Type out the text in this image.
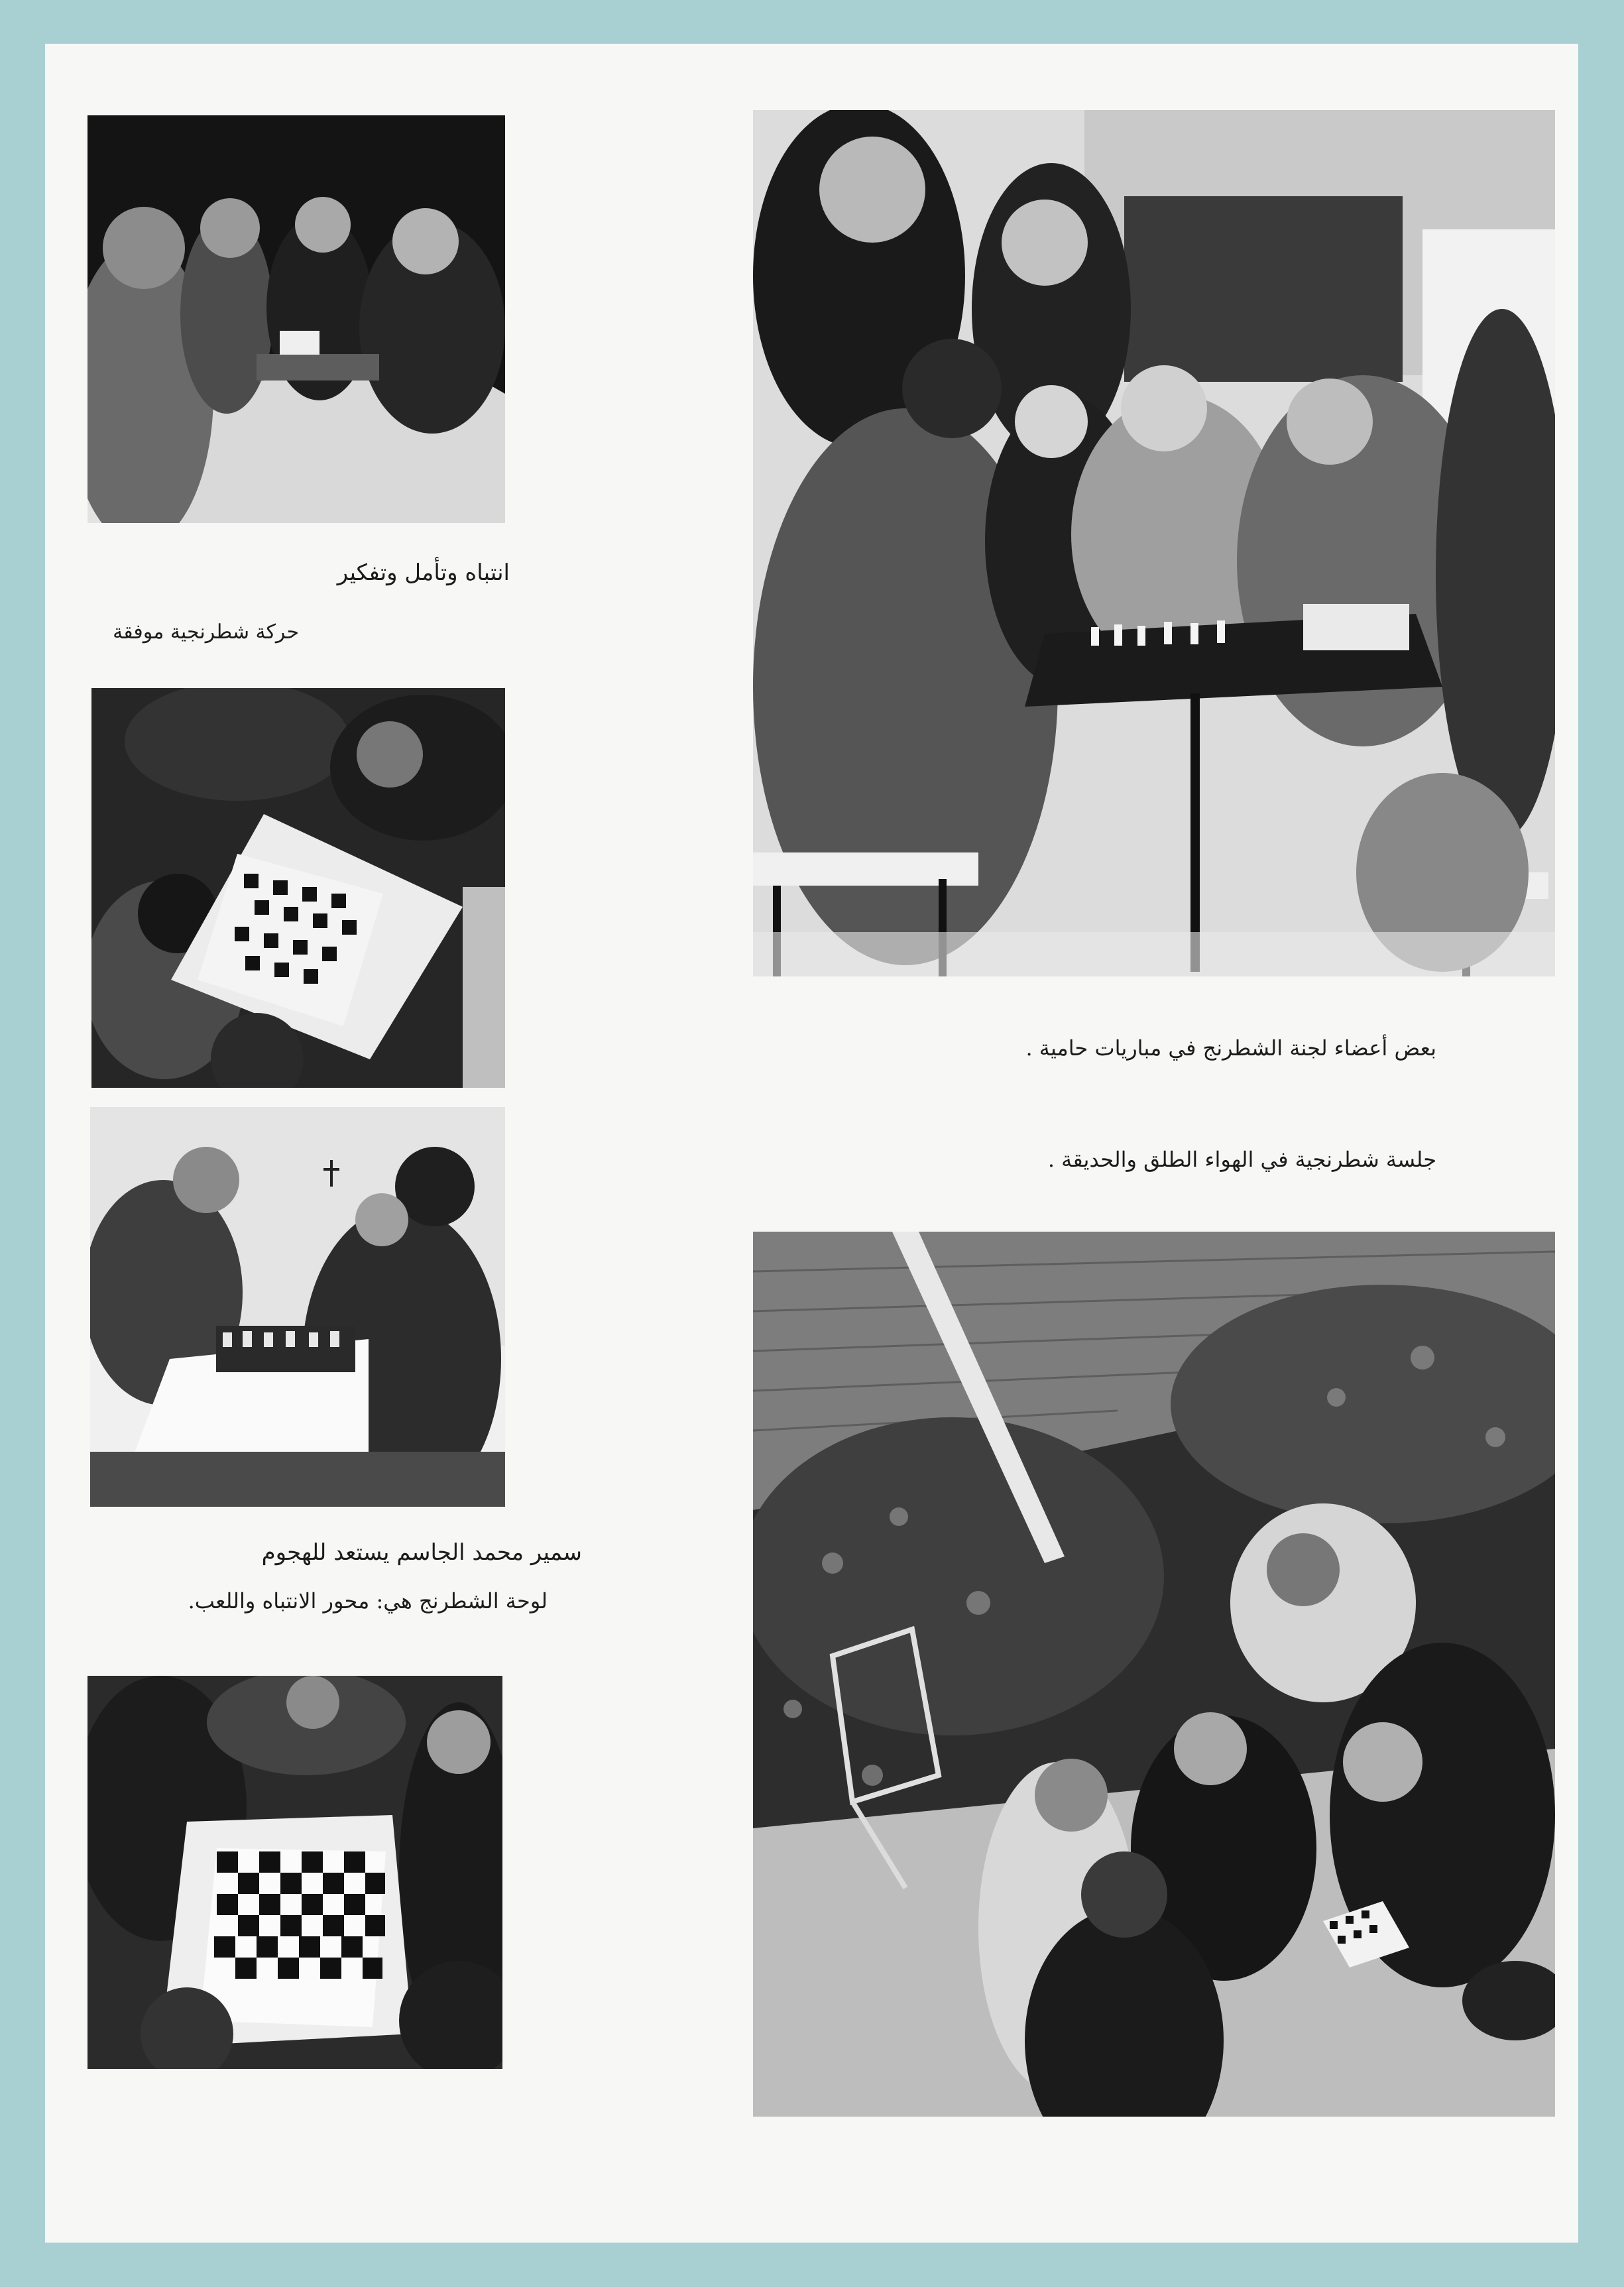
انتباه وتأمل وتفكير
حركة شطرنجية موفقة
سمير محمد الجاسم يستعد للهجوم
لوحة الشطرنج هي: محور الانتباه واللعب.
بعض أعضاء لجنة الشطرنج في مباريات حامية .
جلسة شطرنجية في الهواء الطلق والحديقة .
